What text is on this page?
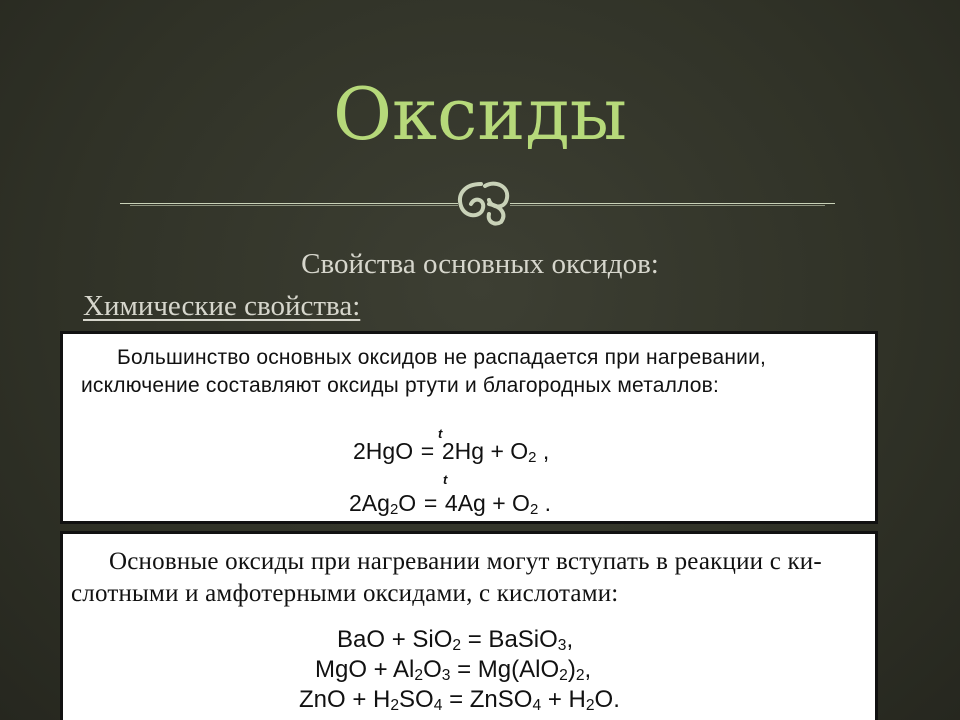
Оксиды
Свойства основных оксидов:
Химические свойства:
Большинство основных оксидов не распадается при нагревании,
исключение составляют оксиды ртути и благородных металлов:
t
$2HgO = 2Hg + O_2$ ,
t
$2Ag_2O = 4Ag + O_2$ .
Основные оксиды при нагревании могут вступать в реакции с ки-
слотными и амфотерными оксидами, с кислотами:
BaO + SiO$_2$ = BaSiO$_3$,
MgO + $Al_2O_3 = Mg(AlO_2)_2$,
ZnO + $H_2SO_4$ = ZnSO$_4$ + $H_2O$.
